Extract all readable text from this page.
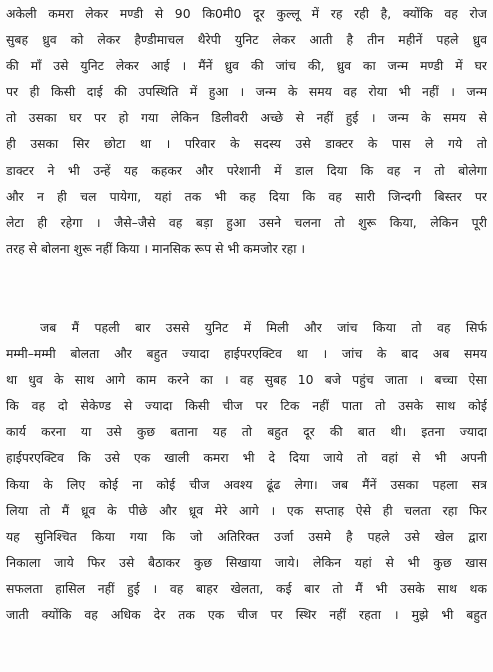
अकेली कमरा लेकर मण्डी से 90 कि0मी0 दूर कुल्लू में रह रही है, क्योंकि वह रोज
सुबह ध्रुव को लेकर हैण्डीमाचल थैरेपी युनिट लेकर आती है तीन महीनें पहले ध्रुव
की माँ उसे युनिट लेकर आई । मैंनें ध्रुव की जांच की, ध्रुव का जन्म मण्डी में घर
पर ही किसी दाई की उपस्थिति में हुआ । जन्म के समय वह रोया भी नहीं । जन्म
तो उसका घर पर हो गया लेकिन डिलीवरी अच्छे से नहीं हुई । जन्म के समय से
ही उसका सिर छोटा था । परिवार के सदस्य उसे डाक्टर के पास ले गये तो
डाक्टर ने भी उन्हें यह कहकर और परेशानी में डाल दिया कि वह न तो बोलेगा
और न ही चल पायेगा, यहां तक भी कह दिया कि वह सारी जिन्दगी बिस्तर पर
लेटा ही रहेगा । जैसे–जैसे वह बड़ा हुआ उसने चलना तो शुरू किया, लेकिन पूरी
तरह से बोलना शुरू नहीं किया । मानसिक रूप से भी कमजोर रहा ।
जब मैं पहली बार उससे युनिट में मिली और जांच किया तो वह सिर्फ
मम्मी–मम्मी बोलता और बहुत ज्यादा हाईपरएक्टिव था । जांच के बाद अब समय
था धुव के साथ आगे काम करने का । वह सुबह 10 बजे पहुंच जाता । बच्चा ऐसा
कि वह दो सेकेण्ड से ज्यादा किसी चीज पर टिक नहीं पाता तो उसके साथ कोई
कार्य करना या उसे कुछ बताना यह तो बहुत दूर की बात थी। इतना ज्यादा
हाईपरएक्टिव कि उसे एक खाली कमरा भी दे दिया जाये तो वहां से भी अपनी
किया के लिए कोई ना कोई चीज अवश्य ढूंढ लेगा। जब मैंनें उसका पहला सत्र
लिया तो मैं ध्रूव के पीछे और ध्रूव मेरे आगे । एक सप्ताह ऐसे ही चलता रहा फिर
यह सुनिश्चित किया गया कि जो अतिरिक्त उर्जा उसमे है पहले उसे खेल द्वारा
निकाला जाये फिर उसे बैठाकर कुछ सिखाया जाये। लेकिन यहां से भी कुछ खास
सफलता हासिल नहीं हुई । वह बाहर खेलता, कई बार तो मैं भी उसके साथ थक
जाती क्योंकि वह अधिक देर तक एक चीज पर स्थिर नहीं रहता । मुझे भी बहुत
